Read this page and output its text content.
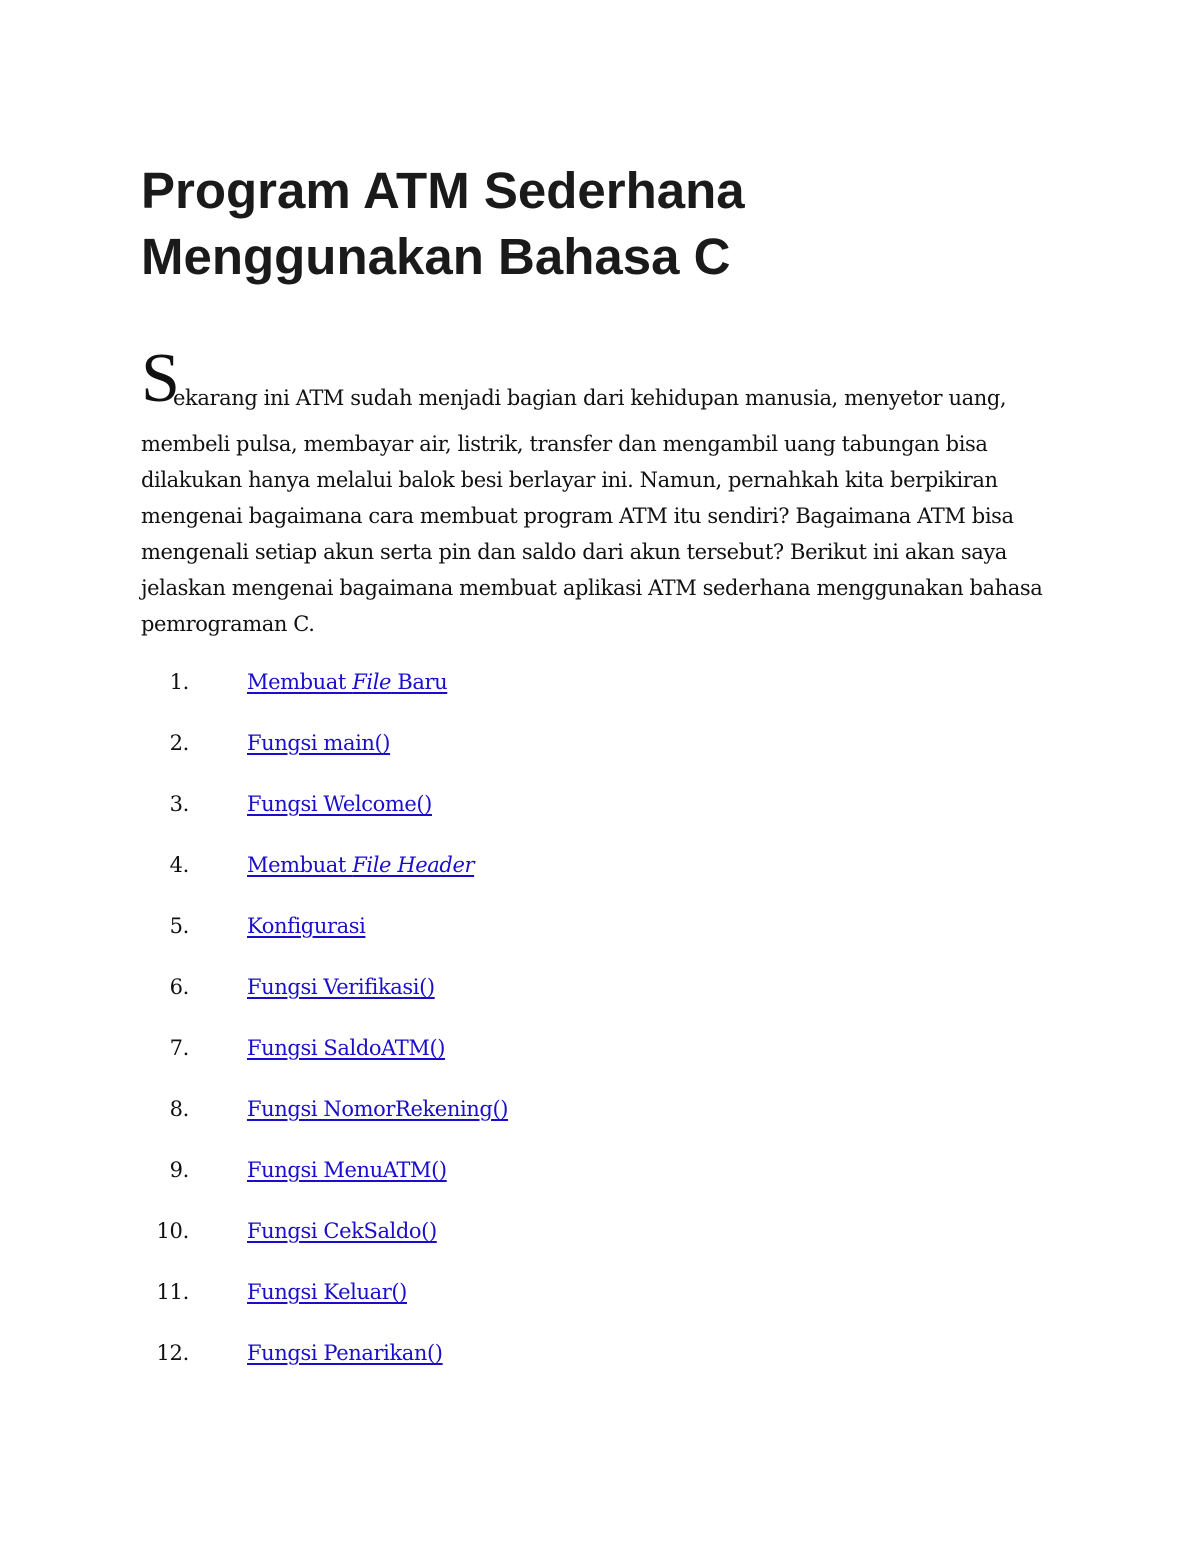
Program ATM Sederhana
Menggunakan Bahasa C
S
ekarang ini ATM sudah menjadi bagian dari kehidupan manusia, menyetor uang,
membeli pulsa, membayar air, listrik, transfer dan mengambil uang tabungan bisa
dilakukan hanya melalui balok besi berlayar ini. Namun, pernahkah kita berpikiran
mengenai bagaimana cara membuat program ATM itu sendiri? Bagaimana ATM bisa
mengenali setiap akun serta pin dan saldo dari akun tersebut? Berikut ini akan saya
jelaskan mengenai bagaimana membuat aplikasi ATM sederhana menggunakan bahasa
pemrograman C.
1.	Membuat File Baru
2.	Fungsi main()
3.	Fungsi Welcome()
4.	Membuat File Header
5.	Konfigurasi
6.	Fungsi Verifikasi()
7.	Fungsi SaldoATM()
8.	Fungsi NomorRekening()
9.	Fungsi MenuATM()
10.	Fungsi CekSaldo()
11.	Fungsi Keluar()
12.	Fungsi Penarikan()
